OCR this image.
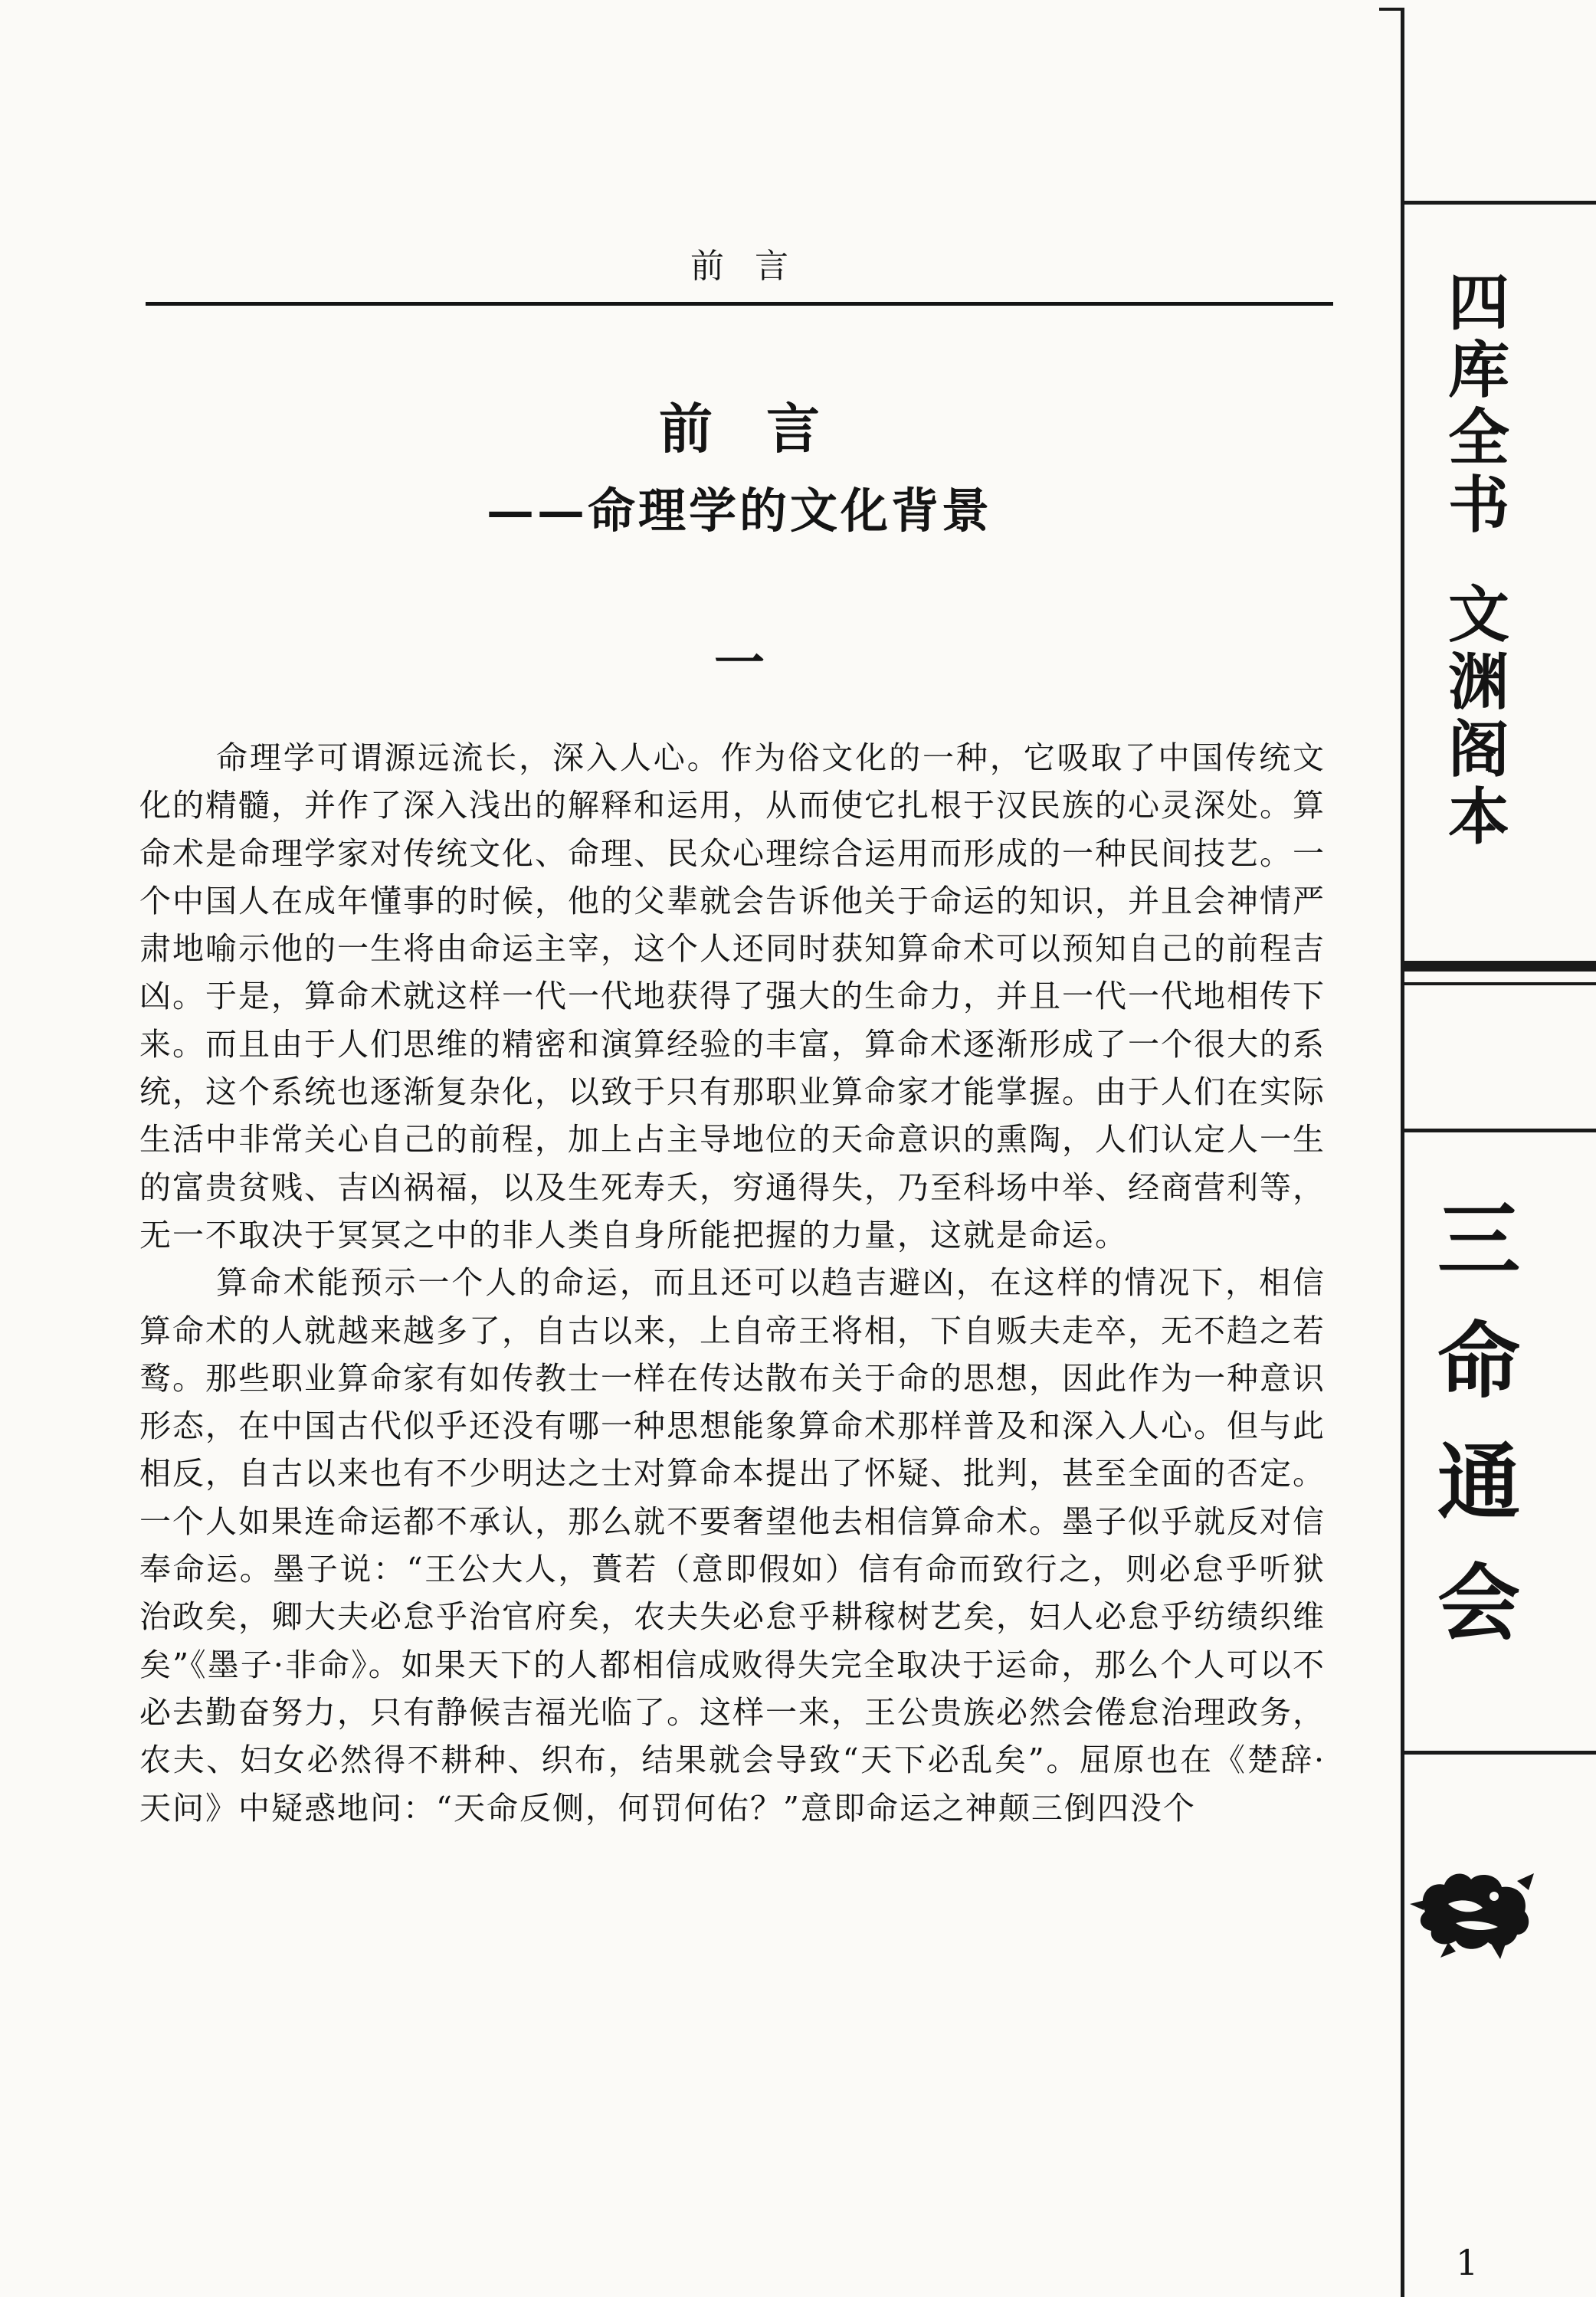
前言
前言
——命理学的文化背景
一

命理学可谓源远流长，深入人心。作为俗文化的一种，它吸取了中国传统文化的精髓，并作了深入浅出的解释和运用，从而使它扎根于汉民族的心灵深处。算命术是命理学家对传统文化、命理、民众心理综合运用而形成的一种民间技艺。一个中国人在成年懂事的时候，他的父辈就会告诉他关于命运的知识，并且会神情严肃地喻示他的一生将由命运主宰，这个人还同时获知算命术可以预知自己的前程吉凶。于是，算命术就这样一代一代地获得了强大的生命力，并且一代一代地相传下来。而且由于人们思维的精密和演算经验的丰富，算命术逐渐形成了一个很大的系统，这个系统也逐渐复杂化，以致于只有那职业算命家才能掌握。由于人们在实际生活中非常关心自己的前程，加上占主导地位的天命意识的熏陶，人们认定人一生的富贵贫贱、吉凶祸福，以及生死寿夭，穷通得失，乃至科场中举、经商营利等，无一不取决于冥冥之中的非人类自身所能把握的力量，这就是命运。

算命术能预示一个人的命运，而且还可以趋吉避凶，在这样的情况下，相信算命术的人就越来越多了，自古以来，上自帝王将相，下自贩夫走卒，无不趋之若鹜。那些职业算命家有如传教士一样在传达散布关于命的思想，因此作为一种意识形态，在中国古代似乎还没有哪一种思想能象算命术那样普及和深入人心。但与此相反，自古以来也有不少明达之士对算命本提出了怀疑、批判，甚至全面的否定。一个人如果连命运都不承认，那么就不要奢望他去相信算命术。墨子似乎就反对信奉命运。墨子说：“王公大人，蕢若（意即假如）信有命而致行之，则必怠乎听狱治政矣，卿大夫必怠乎治官府矣，农夫失必怠乎耕稼树艺矣，妇人必怠乎纺绩织维矣”《墨子·非命》。如果天下的人都相信成败得失完全取决于运命，那么个人可以不必去勤奋努力，只有静候吉福光临了。这样一来，王公贵族必然会倦怠治理政务，农夫、妇女必然得不耕种、织布，结果就会导致“天下必乱矣”。屈原也在《楚辞·天问》中疑惑地问：“天命反侧，何罚何佑？”意即命运之神颠三倒四没个

四
库
全
书
文
渊
阁
本
三
命
通
会
1
